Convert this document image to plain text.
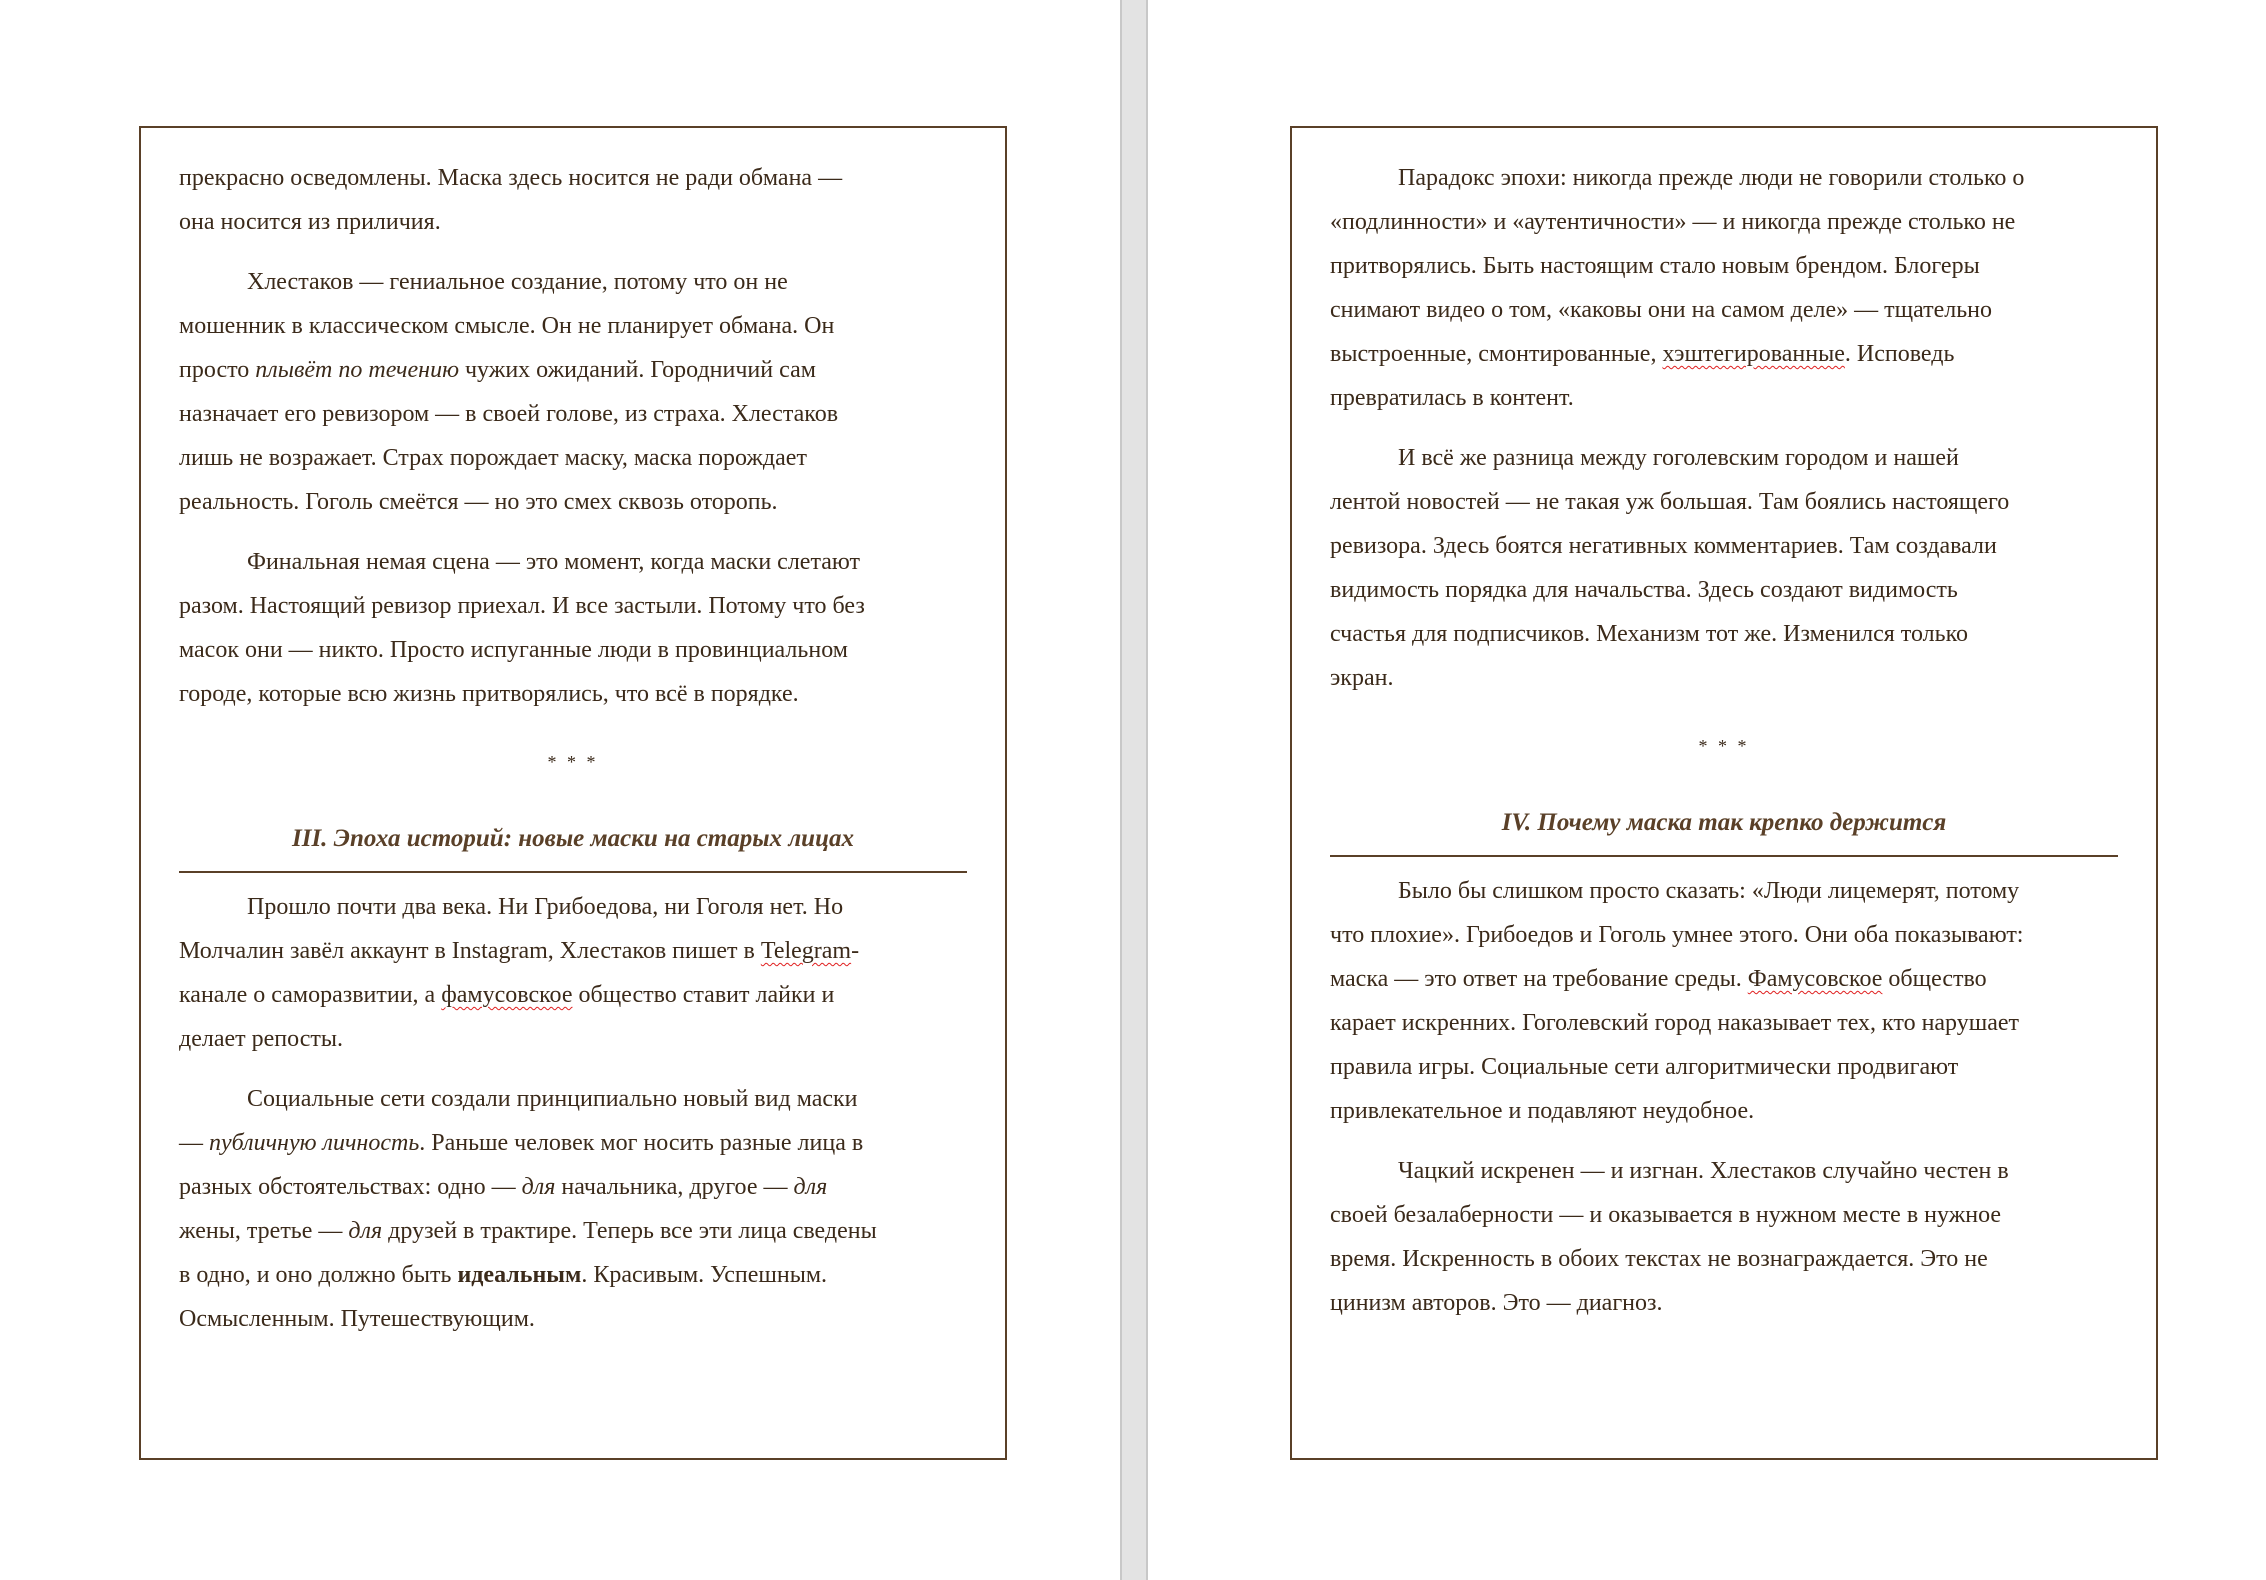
прекрасно осведомлены. Маска здесь носится не ради обмана —
она носится из приличия.
Хлестаков — гениальное создание, потому что он не
мошенник в классическом смысле. Он не планирует обмана. Он
просто плывёт по течению чужих ожиданий. Городничий сам
назначает его ревизором — в своей голове, из страха. Хлестаков
лишь не возражает. Страх порождает маску, маска порождает
реальность. Гоголь смеётся — но это смех сквозь оторопь.
Финальная немая сцена — это момент, когда маски слетают
разом. Настоящий ревизор приехал. И все застыли. Потому что без
масок они — никто. Просто испуганные люди в провинциальном
городе, которые всю жизнь притворялись, что всё в порядке.
* * *
III. Эпоха историй: новые маски на старых лицах
Прошло почти два века. Ни Грибоедова, ни Гоголя нет. Но
Молчалин завёл аккаунт в Instagram, Хлестаков пишет в Telegram-
канале о саморазвитии, а фамусовское общество ставит лайки и
делает репосты.
Социальные сети создали принципиально новый вид маски
— публичную личность. Раньше человек мог носить разные лица в
разных обстоятельствах: одно — для начальника, другое — для
жены, третье — для друзей в трактире. Теперь все эти лица сведены
в одно, и оно должно быть идеальным. Красивым. Успешным.
Осмысленным. Путешествующим.
Парадокс эпохи: никогда прежде люди не говорили столько о
«подлинности» и «аутентичности» — и никогда прежде столько не
притворялись. Быть настоящим стало новым брендом. Блогеры
снимают видео о том, «каковы они на самом деле» — тщательно
выстроенные, смонтированные, хэштегированные. Исповедь
превратилась в контент.
И всё же разница между гоголевским городом и нашей
лентой новостей — не такая уж большая. Там боялись настоящего
ревизора. Здесь боятся негативных комментариев. Там создавали
видимость порядка для начальства. Здесь создают видимость
счастья для подписчиков. Механизм тот же. Изменился только
экран.
* * *
IV. Почему маска так крепко держится
Было бы слишком просто сказать: «Люди лицемерят, потому
что плохие». Грибоедов и Гоголь умнее этого. Они оба показывают:
маска — это ответ на требование среды. Фамусовское общество
карает искренних. Гоголевский город наказывает тех, кто нарушает
правила игры. Социальные сети алгоритмически продвигают
привлекательное и подавляют неудобное.
Чацкий искренен — и изгнан. Хлестаков случайно честен в
своей безалаберности — и оказывается в нужном месте в нужное
время. Искренность в обоих текстах не вознаграждается. Это не
цинизм авторов. Это — диагноз.
